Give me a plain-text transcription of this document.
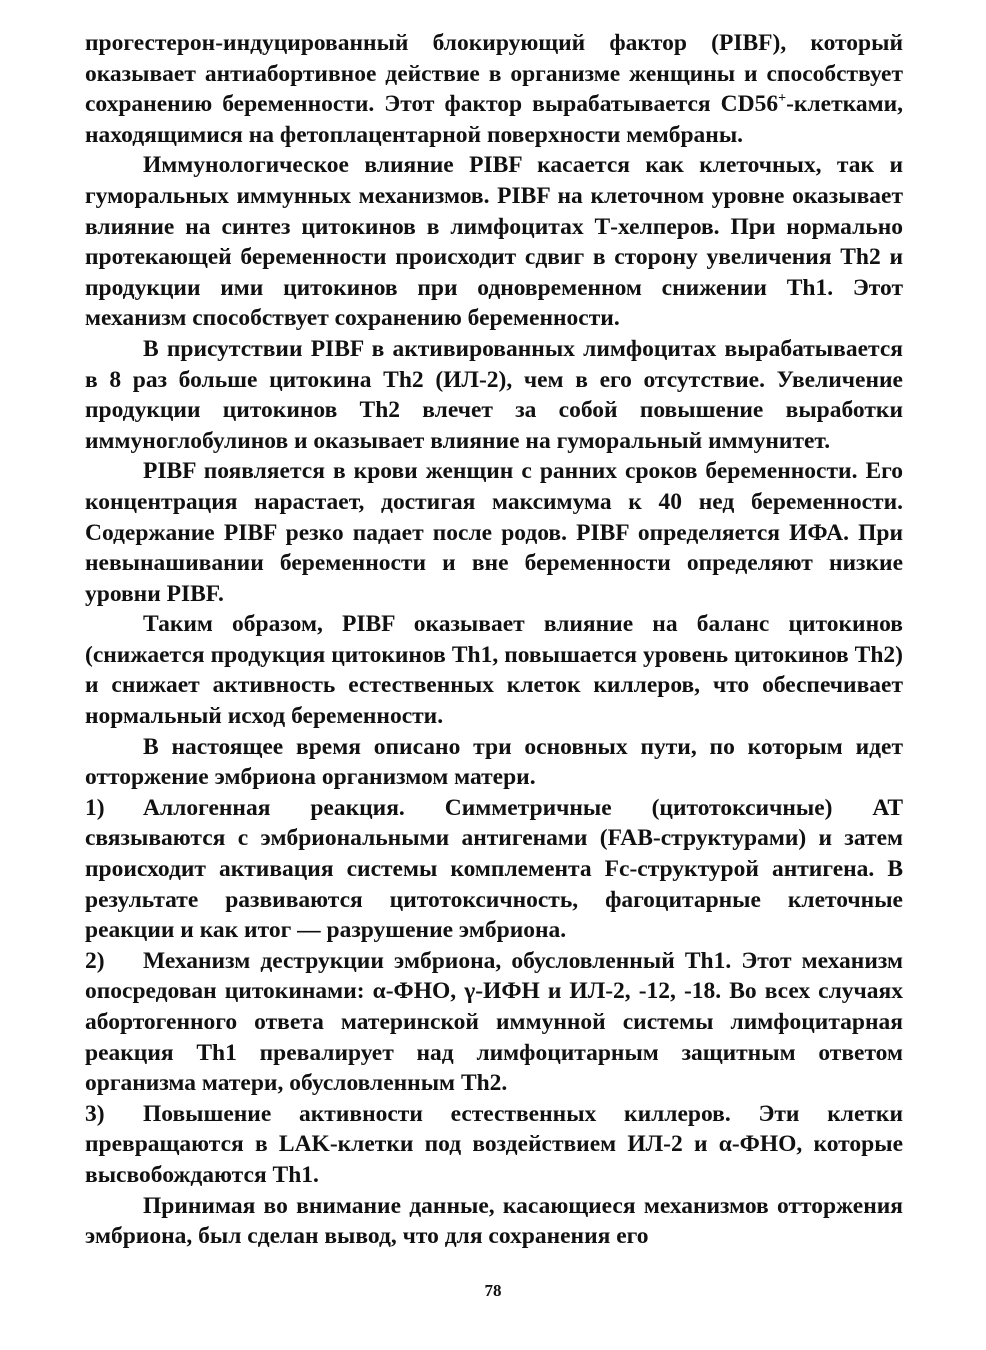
прогестерон-индуцированный блокирующий фактор (PIBF), который оказывает антиабортивное действие в организме женщины и способствует сохранению беременности. Этот фактор вырабатывается CD56+-клетками, находящимися на фетоплацентарной поверхности мембраны.

Иммунологическое влияние PIBF касается как клеточных, так и гуморальных иммунных механизмов. PIBF на клеточном уровне оказывает влияние на синтез цитокинов в лимфоцитах Т-хелперов. При нормально протекающей беременности происходит сдвиг в сторону увеличения Th2 и продукции ими цитокинов при одновременном снижении Th1. Этот механизм способствует сохранению беременности.

В присутствии PIBF в активированных лимфоцитах вырабатывается в 8 раз больше цитокина Th2 (ИЛ-2), чем в его отсутствие. Увеличение продукции цитокинов Th2 влечет за собой повышение выработки иммуноглобулинов и оказывает влияние на гуморальный иммунитет.

PIBF появляется в крови женщин с ранних сроков беременности. Его концентрация нарастает, достигая максимума к 40 нед беременности. Содержание PIBF резко падает после родов. PIBF определяется ИФА. При невынашивании беременности и вне беременности определяют низкие уровни PIBF.

Таким образом, PIBF оказывает влияние на баланс цитокинов (снижается продукция цитокинов Th1, повышается уровень цитокинов Th2) и снижает активность естественных клеток киллеров, что обеспечивает нормальный исход беременности.

В настоящее время описано три основных пути, по которым идет отторжение эмбриона организмом матери.

1) Аллогенная реакция. Симметричные (цитотоксичные) АТ связываются с эмбриональными антигенами (FAB-структурами) и затем происходит активация системы комплемента Fc-структурой антигена. В результате развиваются цитотоксичность, фагоцитарные клеточные реакции и как итог — разрушение эмбриона.

2) Механизм деструкции эмбриона, обусловленный Th1. Этот механизм опосредован цитокинами: α-ФНО, γ-ИФН и ИЛ-2, -12, -18. Во всех случаях абортогенного ответа материнской иммунной системы лимфоцитарная реакция Th1 превалирует над лимфоцитарным защитным ответом организма матери, обусловленным Th2.

3) Повышение активности естественных киллеров. Эти клетки превращаются в LAK-клетки под воздействием ИЛ-2 и α-ФНО, которые высвобождаются Th1.

Принимая во внимание данные, касающиеся механизмов отторжения эмбриона, был сделан вывод, что для сохранения его

78
